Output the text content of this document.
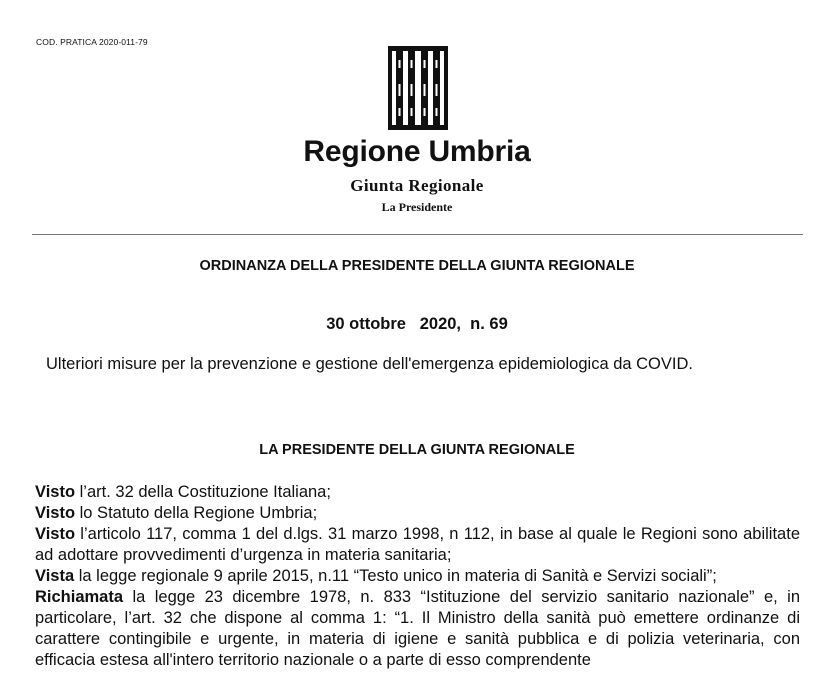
COD. PRATICA 2020-011-79
Regione Umbria
Giunta Regionale
La Presidente
ORDINANZA DELLA PRESIDENTE DELLA GIUNTA REGIONALE
30 ottobre   2020,  n. 69
Ulteriori misure per la prevenzione e gestione dell'emergenza epidemiologica da COVID.
LA PRESIDENTE DELLA GIUNTA REGIONALE

Visto l’art. 32 della Costituzione Italiana;

Visto lo Statuto della Regione Umbria;

Visto l’articolo 117, comma 1 del d.lgs. 31 marzo 1998, n 112, in base al quale le Regioni sono abilitate ad adottare provvedimenti d’urgenza in materia sanitaria;

Vista la legge regionale 9 aprile 2015, n.11 “Testo unico in materia di Sanità e Servizi sociali”;

Richiamata la legge 23 dicembre 1978, n. 833 “Istituzione del servizio sanitario nazionale” e, in particolare, l’art. 32 che dispone al comma 1: “1. Il Ministro della sanità può emettere ordinanze di carattere contingibile e urgente, in materia di igiene e sanità pubblica e di polizia veterinaria, con efficacia estesa all'intero territorio nazionale o a parte di esso comprendente
